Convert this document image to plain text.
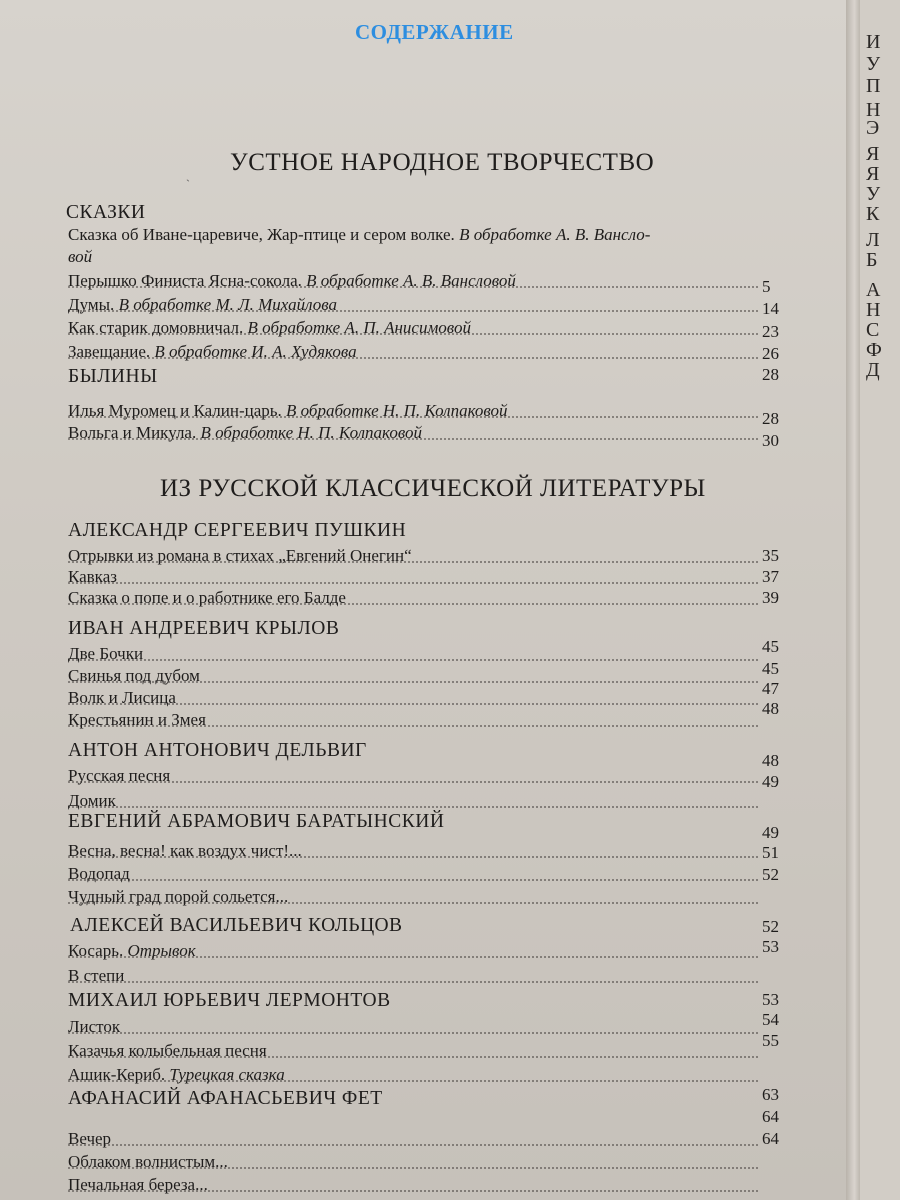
СОДЕРЖАНИЕ
ˏ УСТНОЕ НАРОДНОЕ ТВОРЧЕСТВО
СКАЗКИ
Сказка об Иване-царевиче, Жар-птице и сером волке. В обработке А. В. Вансло-
вой
Перышко Финиста Ясна-сокола. В обработке А. В. Вансловой
Думы. В обработке М. Л. Михайлова
Как старик домовничал. В обработке А. П. Анисимовой
Завещание. В обработке И. А. Худякова
БЫЛИНЫ
Илья Муромец и Калин-царь. В обработке Н. П. Колпаковой
Вольга и Микула. В обработке Н. П. Колпаковой
ИЗ РУССКОЙ КЛАССИЧЕСКОЙ ЛИТЕРАТУРЫ
АЛЕКСАНДР СЕРГЕЕВИЧ ПУШКИН
Отрывки из романа в стихах „Евгений Онегин“
Кавказ
Сказка о попе и о работнике его Балде
ИВАН АНДРЕЕВИЧ КРЫЛОВ
Две Бочки
Свинья под дубом
Волк и Лисица
Крестьянин и Змея
АНТОН АНТОНОВИЧ ДЕЛЬВИГ
Русская песня
Домик
ЕВГЕНИЙ АБРАМОВИЧ БАРАТЫНСКИЙ
Весна, весна! как воздух чист!...
Водопад
Чудный град порой сольется...
АЛЕКСЕЙ ВАСИЛЬЕВИЧ КОЛЬЦОВ
Косарь. Отрывок
В степи
МИХАИЛ ЮРЬЕВИЧ ЛЕРМОНТОВ
Листок
Казачья колыбельная песня
Ашик-Кериб. Турецкая сказка
АФАНАСИЙ АФАНАСЬЕВИЧ ФЕТ
Вечер
Облаком волнистым...
Печальная береза...
5
14
23
26
28
28
30
35
37
39
45
45
47
48
48
49
49
51
52
52
53
53
54
55
63
64
64
И
У
П
Н
Э
Я
Я
У
К
Л
Б
А
Н
С
Ф
Д
